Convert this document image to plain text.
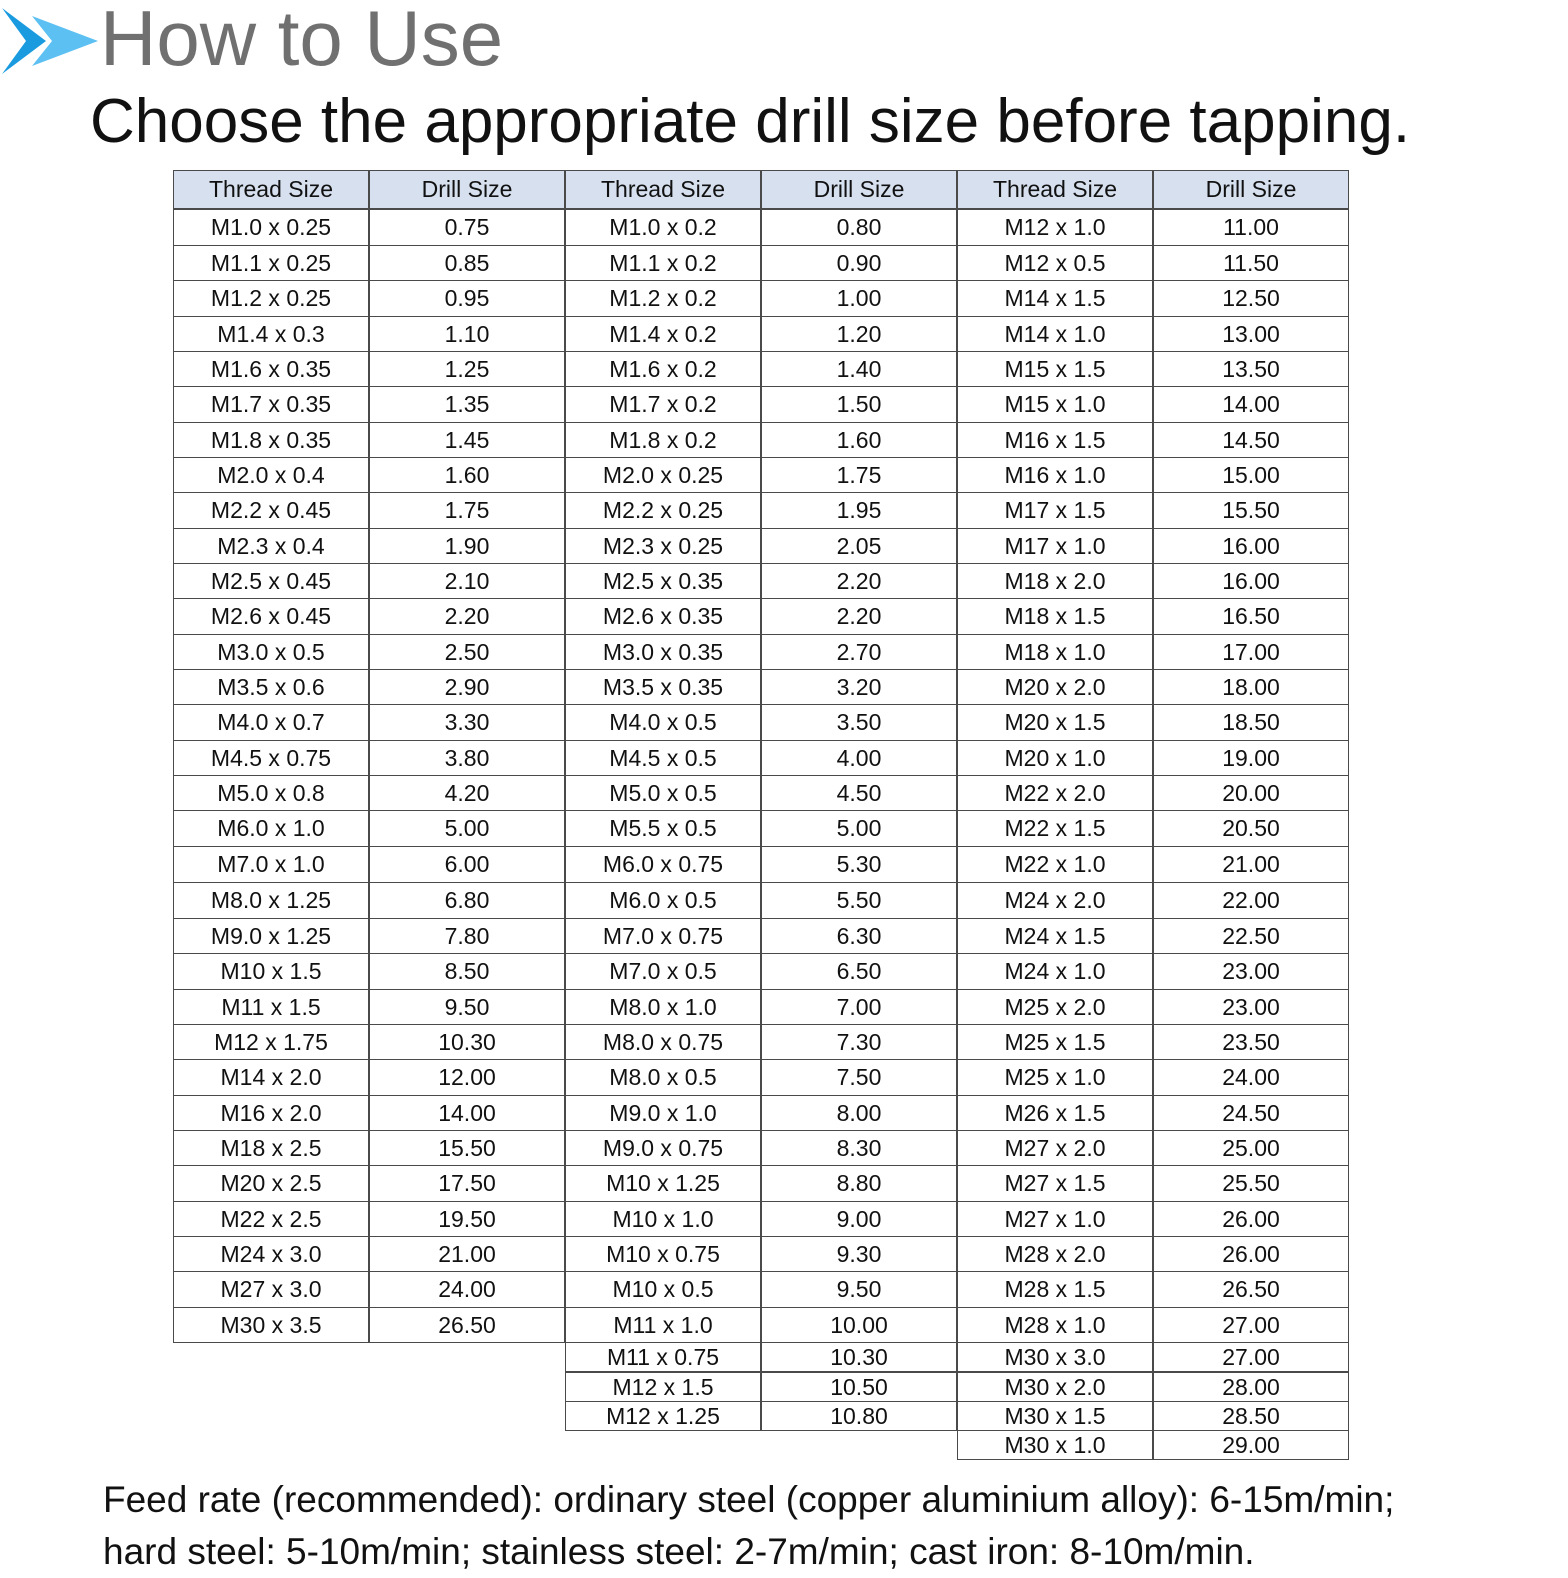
How to Use
Choose the appropriate drill size before tapping.
Thread Size
M1.0 x 0.25
M1.1 x 0.25
M1.2 x 0.25
M1.4 x 0.3
M1.6 x 0.35
M1.7 x 0.35
M1.8 x 0.35
M2.0 x 0.4
M2.2 x 0.45
M2.3 x 0.4
M2.5 x 0.45
M2.6 x 0.45
M3.0 x 0.5
M3.5 x 0.6
M4.0 x 0.7
M4.5 x 0.75
M5.0 x 0.8
M6.0 x 1.0
M7.0 x 1.0
M8.0 x 1.25
M9.0 x 1.25
M10 x 1.5
M11 x 1.5
M12 x 1.75
M14 x 2.0
M16 x 2.0
M18 x 2.5
M20 x 2.5
M22 x 2.5
M24 x 3.0
M27 x 3.0
M30 x 3.5
Drill Size
0.75
0.85
0.95
1.10
1.25
1.35
1.45
1.60
1.75
1.90
2.10
2.20
2.50
2.90
3.30
3.80
4.20
5.00
6.00
6.80
7.80
8.50
9.50
10.30
12.00
14.00
15.50
17.50
19.50
21.00
24.00
26.50
Thread Size
M1.0 x 0.2
M1.1 x 0.2
M1.2 x 0.2
M1.4 x 0.2
M1.6 x 0.2
M1.7 x 0.2
M1.8 x 0.2
M2.0 x 0.25
M2.2 x 0.25
M2.3 x 0.25
M2.5 x 0.35
M2.6 x 0.35
M3.0 x 0.35
M3.5 x 0.35
M4.0 x 0.5
M4.5 x 0.5
M5.0 x 0.5
M5.5 x 0.5
M6.0 x 0.75
M6.0 x 0.5
M7.0 x 0.75
M7.0 x 0.5
M8.0 x 1.0
M8.0 x 0.75
M8.0 x 0.5
M9.0 x 1.0
M9.0 x 0.75
M10 x 1.25
M10 x 1.0
M10 x 0.75
M10 x 0.5
M11 x 1.0
M11 x 0.75
M12 x 1.5
M12 x 1.25
Drill Size
0.80
0.90
1.00
1.20
1.40
1.50
1.60
1.75
1.95
2.05
2.20
2.20
2.70
3.20
3.50
4.00
4.50
5.00
5.30
5.50
6.30
6.50
7.00
7.30
7.50
8.00
8.30
8.80
9.00
9.30
9.50
10.00
10.30
10.50
10.80
Thread Size
M12 x 1.0
M12 x 0.5
M14 x 1.5
M14 x 1.0
M15 x 1.5
M15 x 1.0
M16 x 1.5
M16 x 1.0
M17 x 1.5
M17 x 1.0
M18 x 2.0
M18 x 1.5
M18 x 1.0
M20 x 2.0
M20 x 1.5
M20 x 1.0
M22 x 2.0
M22 x 1.5
M22 x 1.0
M24 x 2.0
M24 x 1.5
M24 x 1.0
M25 x 2.0
M25 x 1.5
M25 x 1.0
M26 x 1.5
M27 x 2.0
M27 x 1.5
M27 x 1.0
M28 x 2.0
M28 x 1.5
M28 x 1.0
M30 x 3.0
M30 x 2.0
M30 x 1.5
M30 x 1.0
Drill Size
11.00
11.50
12.50
13.00
13.50
14.00
14.50
15.00
15.50
16.00
16.00
16.50
17.00
18.00
18.50
19.00
20.00
20.50
21.00
22.00
22.50
23.00
23.00
23.50
24.00
24.50
25.00
25.50
26.00
26.00
26.50
27.00
27.00
28.00
28.50
29.00
Feed rate (recommended): ordinary steel (copper aluminium alloy): 6-15m/min;
hard steel: 5-10m/min; stainless steel: 2-7m/min; cast iron: 8-10m/min.
